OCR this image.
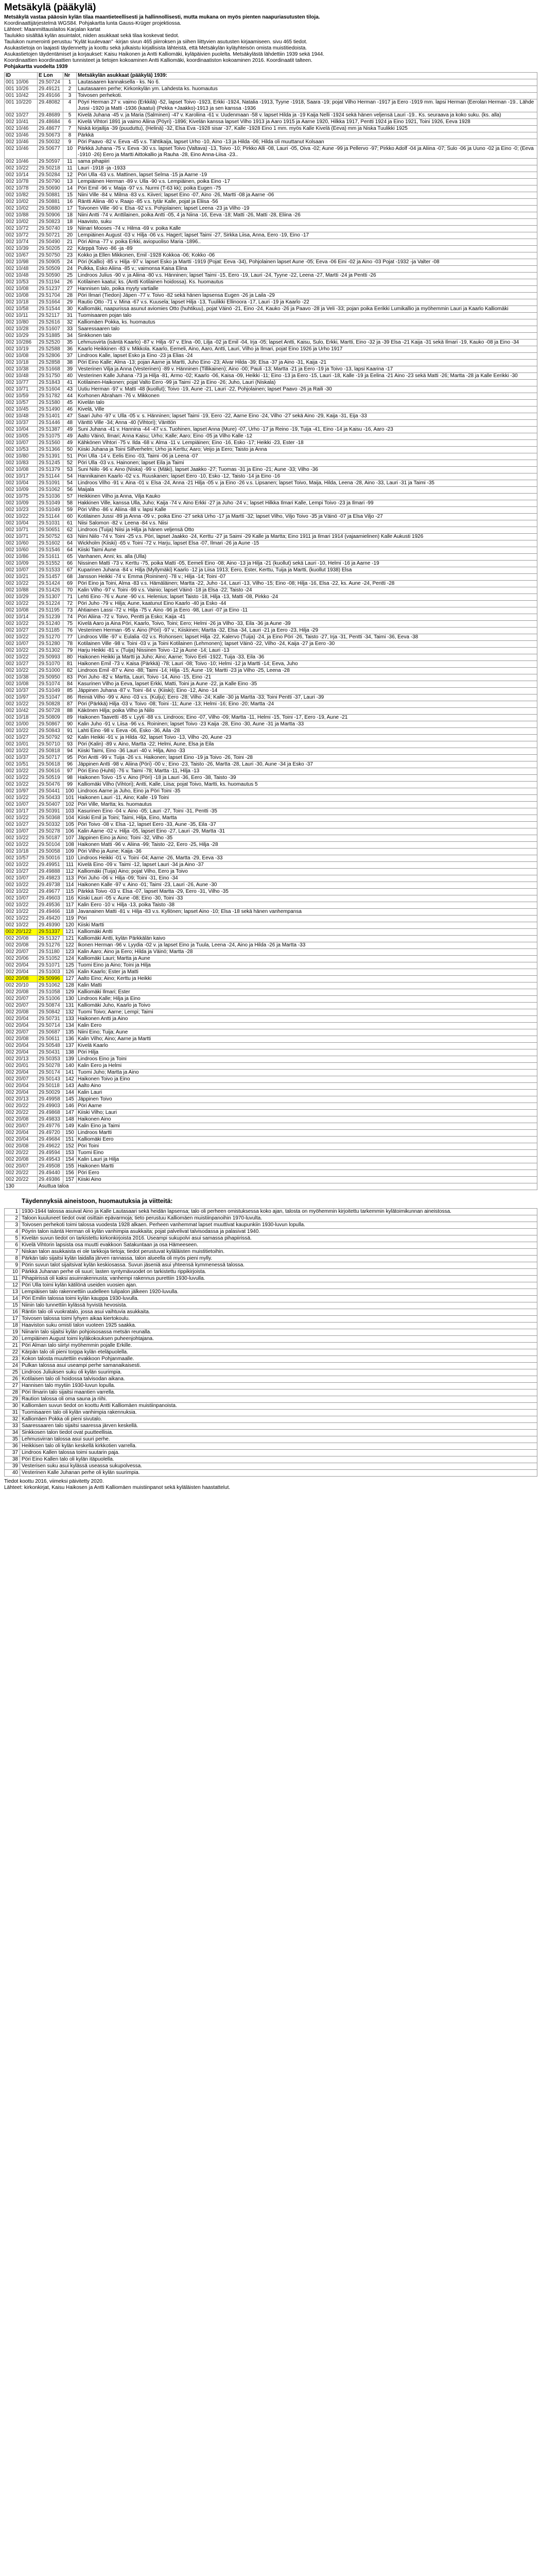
Metsäkylä (pääkylä)

Metsäkylä vastaa pääosin kylän tilaa maantieteellisesti ja hallinnollisesti, mutta mukana on myös pienten naapuriasutusten tiloja.

Koordinaattijärjestelmä WGS84. Pohjakartta lunta Gauss-Krüger projektiossa.

Lähteet: Maanmittauslaitos Karjalan kartat

Taulukko sisältää kylän asuintalot, niiden asukkaat sekä tilaa koskevat tiedot.

Taulukon numerointi perustuu "Kylät kuulevaan" -kirjan sivun 465 piirroksen ja siihen liittyvien asutusten kirjaamiseen. sivu 465 tiedot.

Asukastietoja on laajasti täydennetty ja koottu sekä julkaistu kirjallisista lähteistä, että Metsäkylän kyläyhteisön omista muistitiedoista.

Asukastietojen täydentämiset ja korjaukset: Kaisu Haikonen ja Antti Kalliomäki, kyläpäivien puolelta. Metsäkylästä lähdettiin 1939 sekä 1944.

Koordinaattien koordinaattien tunnisteet ja tietojen kokoaminen Antti Kalliomäki, koordinaatiston kokoaminen 2016. Koordinaatit talteen.

Pohjakartta vuodelta 1939

ID	E Lon	Nr	Metsäkylän asukkaat (pääkylä) 1939:
001 10/06	29.50724	1	Lautasaaren kannaksella - ks. No 6.
001 10/26	29.49121	2	Lautasaaren perhe; Kirkonkylän ym. Lahdesta ks. huomautus
001 10/42	29.49166	3	Toivosen perhekoti.
001 10/220	29.48082	4	Pöyri Herman 27 v. vaimo (Erkkilä) -52, lapset Toivo -1923, Erkki -1924, Natalia -1913, Tyyne -1918, Saara -19; pojat Vilho Herman -1917 ja Eero -1919 mm. lapsi Herman (Eerolan Herman -19.. Lähde Jussi -1920 ja Matti -1936 (kaatui) (Pekka +Jaakko)-1913 ja sen kanssa -1936
002 10/27	29.48689	5	Kivelä Juhana -45 v. ja Maria (Salminen) -47 v. Karoliina -61 v. Uudenmaan -58 v. lapset Hilda ja -19 Kaija Nelli -1924 sekä hänen veljensä Lauri -19.. Ks. seuraava ja koko suku. (ks. alla)
002 10/41	29.48684	6	Kivelä Vihtori 1891 ja vaimo Aliina (Pöyri) -1896; Kivelän kanssa lapset Vilho 1913 ja Aaro 1915 ja Aarne 1920, Hilkka 1917, Pentti 1924 ja Eino 1921, Toini 1926, Eeva 1928
002 10/46	29.48677	7	Niskä kirjailija -39 (puuduttu), (Helinä) -32, Elsa Eva -1928 sisar -37, Kalle -1928 Eino 1 mm. myös Kalle Kivelä (Eeva) mm ja Niska Tuulikki 1925
002 10/46	29.50673	8	Pärkkä
002 10/46	29.50032	9	Pöri Paavo -82 v. Eeva -45 v.s. Tähtikaija, lapset Urho -10, Aino -13 ja Hilda -06; Hilda oli muuttanut Kolsaan
002 10/46	29.50677	10	Pärkkä Juhana -75 v. Eeva -30 v.s. lapset Toivo (Valtava) -13, Toivo -10; Pirkko Alli -08, Lauri -05, Oiva -02; Aune -99 ja Pellervo -97; Pirkko Adolf -04 ja Aliina -07; Sulo -06 ja Uuno -02 ja Eino -0; (Eeva -1910 -26) Eero ja Martti Aittokallio ja Rauha -28, Eino Anna-Liisa -23..
002 10/46	29.50597	11	sama pihapiiri
002 10/22	29.50218	11	Lauri -1918 -ja -1933
002 10/14	29.50284	12	Pöri Ulla -63 v.s. Mattinen, lapset Selma -15 ja Aarne -19
002 10/78	29.50790	13	Lempiäinen Herman -89 v. Ulla -90 v.s. Lempiäinen, poika Eino -17
002 10/78	29.50690	14	Pöri Emil -96 v. Maija -97 v.s. Nurmi (T-63 kk); poika Eugen -75
002 10/82	29.50881	15	Niini Ville -84 v. Milma -83 v.s. Kiiveri; lapset Eino -07, Aino -26, Martti -08 ja Aarne -06
002 10/02	29.50881	16	Räntti Aliina -80 v. Raajo -85 v.s. tytär Kalle, pojat ja Eliisa -56
002 10/02	29.50880	17	Toivonen Ville -90 v. Elsa -92 v.s. Pohjolainen; lapset Leena -23 ja Vilho -19
002 10/88	29.50906	18	Niini Antti -74 v. Anttilainen, poika Antti -05, 4 ja Niina -16, Eeva -18; Matti -26, Matti -28, Eliina -26
002 10/02	29.50823	18	Haavisto, suku
002 10/72	29.50740	19	Niinari Mooses -74 v. Hilma -69 v. poika Kalle
002 10/72	29.50721	20	Lempiäinen August -03 v. Hilja -06 v.s. Hagert; lapset Taimi -27, Sirkka Liisa, Anna, Eero -19, Eino -17
002 10/74	29.50490	21	Pöri Alma -77 v. poika Erkki, aviopuoliso Maria -1896..
002 10/39	29.50205	22	Kärppä Toivo -86 -ja -89
002 10/67	29.50750	23	Kokko ja Ellen Mikkonen, Emil -1928 Kokkoa -06; Kokko -06
002 10/98	29.50905	24	Pöri (Kallio) -85 v. Hilja -97 v. lapset Esko ja Martti -1919 (Pojat: Eeva -34), Pohjolainen lapset Aune -05; Eeva -06 Eini -02 ja Aino -03 Pojat -1932 -ja Valter -08
002 10/48	29.50509	24	Pulkka, Esko Aliina -85 v.; vaimonsa Kaisa Elina
002 10/48	29.50590	25	Lindroos Julius -90 v. ja Aliina -80 v.s. Hänninen; lapset Taimi -15, Eero -19, Lauri -24, Tyyne -22, Leena -27, Martti -24 ja Pentti -26
002 10/53	29.51194	26	Kotilainen kaatui; ks. (Antti Kotilainen hoidossa). Ks. huomautus
002 10/08	29.51237	27	Hannisen talo, poika myyty vartialle
002 10/08	29.51704	28	Pöri Ilmari (Tiedon) Jäpen -77 v. Toivo -82 sekä hänen lapsensa Eugen -26 ja Laila -29
002 10/18	29.51664	29	Rautio Otto -71 v. Mina -67 v.s. Kuusela; lapset Hilja -13, Tuulikki Ellinoora -17, Lauri -19 ja Kaarlo -22
002 10/58	29.51544	30	Kalliomäki, naapurissa asunut aviomies Otto (huhtikuu), pojat Väinö -21, Eino -24, Kauko -26 ja Paavo -28 ja Veli -33; pojan poika Eerikki Lumikallio ja myöhemmin Lauri ja Kaarlo Kalliomäki
002 10/11	29.52117	31	Tuomisaaren pojan talo
002 10/80	29.52616	32	Kalliomäen Pokka, ks. huomautus
002 10/28	29.51607	33	Saaressaaren talo
002 10/29	29.51885	34	Sinkkonen talo
002 10/286	29.52520	35	Lehmusvirta (isäntä Kaarlo) -87 v. Hilja -97 v. Elna -00, Lilja -02 ja Emil -04, Irja -05; lapset Antti, Kaisu, Sulo, Erkki, Martti, Eino -32 ja -39 Elsa -21 Kaija -31 sekä Ilmari -19, Kauko -08 ja Eino -34
002 10/19	29.52588	36	Kaarlo Heikkinen -83 v. Mikkola. Kaarlo, Eemeli, Aino, Aaro, Antti, Lauri, Vilho ja Ilmari, pojat Eino 1926 ja Urho 1917
002 10/08	29.52806	37	Lindroos Kalle, lapset Esko ja Eino -23 ja Elias -24
002 10/18	29.52858	38	Pöri Eino Kalle; Alma -13; pojan Aarne ja Martti, Juho Eino -23; Alvar Hilda -39; Elsa -37 ja Aino -31, Kaija -21
002 10/38	29.51668	39	Vesterinen Vilja ja Anna (Vesterinen) -89 v. Hänninen (Tillikainen); Aino -00; Pauli -13; Martta -21 ja Eero -19 ja Toivo -13, lapsi Kaarina -17
002 10/48	29.51750	40	Vesterinen Kalle Juhana -73 ja Hilja -81, Armo -02; Kaarlo -06, Kaisa -09, Heikki -11; Eino -13 ja Eero -15, Lauri -18, Kalle -19 ja Eelina -21 Aino -23 sekä Matti -26; Martta -28 ja Kalle Eerikki -30
002 10/77	29.51843	41	Kotilainen-Haikonen; pojat Valto Eero -99 ja Taimi -22 ja Eino -26; Juho, Lauri (Niskala)
002 10/71	29.51604	43	Uutiu Herman -97 v. Matti -48 (kuollut); Toivo -19, Aune -21, Lauri -22, Pohjolainen; lapset Paavo -26 ja Raili -30
002 10/59	29.51782	44	Korhonen Abraham -76 v. Mikkonen
002 10/57	29.51580	45	Kivelän talo
002 10/45	29.51490	46	Kivelä, Ville
002 10/48	29.51401	47	Saari Juho -97 v. Ulla -05 v. s. Hänninen; lapset Taimi -19, Eero -22, Aarne Eino -24, Vilho -27 sekä Aino -29, Kaija -31, Eija -33
002 10/37	29.51446	48	Vänttö Ville -34; Anna -40 (Vihtori); Vänttön
002 10/04	29.51387	49	Suni Juhana -41 v. Hannina -44 -47 v.s. Tuohinen, lapset Anna (Mure) -07, Urho -17 ja Reino -19, Tuija -41, Eino -14 ja Kaisu -16, Aaro -23
002 10/05	29.51075	49	Aalto Väinö, Ilmari; Anna Kaisu; Urho; Kalle; Aaro; Eino -05 ja Vilho Kalle -12
002 10/07	29.51560	49	Kähkönen Vihtori -75 v. Ilda -68 v. Alma -11 v. Lempiäinen; Eino -16, Esko -17; Heikki -23, Ester -18
002 10/53	29.51366	50	Kiiski Juhana ja Toini Silfverhelm; Urho ja Kerttu; Aaro; Veijo ja Eero; Taisto ja Anna
002 10/80	29.51391	51	Pöri Ulla -14 v. Eelis Eino -03, Taimi -06 ja Leena -07
002 10/83	29.51245	52	Pöri Ulla -03 v.s. Hainonen; lapset Eila ja Taimi
002 10/08	29.51379	53	Suni Niilo -96 v. Aino (Niska) -99 v. (Mäki), lapset Jaakko -27; Tuomas -31 ja Eino -21; Aune -33; Vilho -36
002 10/17	29.51144	54	Hannikainen Kaarlo -02 v.s. Ruuskanen; lapset Eero -10, Esko -12, Taisto -14 ja Eino -16
002 10/04	29.51091	54	Lindroos Vilho -91 v. Aina -01 v. Elsa -24, Anna -21 Hilja -05 v. ja Eino -26 v.s. Lipsanen; lapset Toivo, Maija, Hilda, Leena -28, Aino -33, Lauri -31 ja Taimi -35
002 10/09	29.51062	56	Maijala
002 10/75	29.51036	57	Heikkinen Vilho ja Anna, Vilja Kauko
002 10/09	29.51049	58	Hakkinen Ville, kanssa Ulla, Juho; Kaija -74 v. Aino Erkki -27 ja Juho -24 v.; lapset Hilkka Ilmari Kalle, Lempi Toivo -23 ja Ilmari -99
002 10/23	29.51049	59	Pöri Vilho -86 v. Aliina -88 v. lapsi Kalle
002 10/22	29.51144	60	Kotilainen Jussi -89 ja Anna -09 v.; poika Eino -27 sekä Urho -17 ja Martti -32; lapset Vilho, Viljo Toivo -35 ja Väinö -07 ja Elsa Viljo -27
002 10/04	29.51031	61	Niisi Salomon -82 v. Leena -84 v.s. Niisi
002 10/71	29.50651	62	Lindroos (Tuija) Niisi ja Hilja ja hänen veljensä Otto
002 10/71	29.50752	63	Niini Niilo -74 v. Toini -25 v.s. Pöri, lapset Jaakko -24, Kerttu -27 ja Saimi -29 Kalle ja Martta; Eino 1911 ja Ilmari 1914 (vajaamielinen) Kalle Aukusti 1926
002 10/60	29.51602	64	Wickholm (Kiiski) -65 v. Toini -72 v. Harju, lapset Elsa -07, Ilmari -26 ja Aune -15
002 10/60	29.51546	64	Kiiski Taimi Aune
002 10/86	29.51611	65	Vanhanen, Anni; ks. alla (Ulla)
002 10/09	29.51552	66	Nissinen Matti -73 v. Kerttu -75, poika Matti -05, Eemeli Eino -08; Aino -13 ja Hilja -21 (kuollut) sekä Lauri -10, Helmi -16 ja Aarne -19
002 10/07	29.51533	67	Kuparinen Juhana -84 v. Hilja (Myllymäki) Kaarlo -12 ja Liisa 1913; Eero, Ester, Kerttu, Tuija ja Martti, (kuollut 1938) Elsa
002 10/21	29.51457	68	Jansson Heikki -74 v. Emma (Roininen) -78 v.; Hilja -14; Toini -07
002 10/22	29.51424	69	Pöri Eino ja Toini, Alma -83 v.s. Hämäläinen; Martta -22, Juho -14, Lauri -13, Vilho -15; Eino -08; Hilja -16, Elsa -22, ks. Aune -24, Pentti -28
002 10/88	29.51426	70	Kalin Vilho -97 v. Toini -99 v.s. Vainio; lapset Väinö -18 ja Elsa -22; Taisto -24
002 10/29	29.51307	71	Lehti Eino -76 v. Aune -90 v.s. Helenius; lapset Taisto -18, Hilja -13, Matti -08, Pirkko -24
002 10/22	29.51224	72	Pöri Juho -79 v. Hilja; Aune, kaatunut Eino Kaarlo -40 ja Esko -44
002 10/08	29.51195	73	Ahtiainen Lassi -72 v. Hilja -75 v. Aino -96 ja Eero -98, Lauri -07 ja Eino -11
002 10/14	29.51239	74	Pöri Aliina -72 v. Toivo, Pentti ja Esko; Kaija -41
002 10/22	29.51240	75	Kivelä Aaro ja Aina Pöri, Kaarlo, Toivo, Toini; Eero; Helmi -26 ja Vilho -33, Eila -36 ja Aune -39
002 10/27	29.51185	76	Vesterinen Herman -95 v. Aino (Pöri) -97 v.; Kiiskinen; Martta -32, Elsa -34, Lauri -21 ja Eero -23, Hilja -29
002 10/22	29.51270	77	Lindroos Ville -97 v. Eulalia -02 v.s. Rohonsen; lapset Hilja -22, Kalervo (Tuija) -24, ja Eino Pöri -26, Taisto -27, Irja -31, Pentti -34, Taimi -36, Eeva -38
002 10/07	29.51280	78	Kotilainen Ville -98 v. Toini -03 v. ja Toini Kotilainen (Lehmonen); lapset Väinö -22, Vilho -24, Kaija -27 ja Eero -30
002 10/22	29.51302	79	Harju Heikki -81 v. (Tuija) Nissinen Toivo -12 ja Aune -14; Lauri -13
002 10/22	29.50993	80	Haikonen Heikki ja Martti ja Juho; Aino; Aarne; Toivo Eeli -1922, Tuija -33, Eila -36
002 10/27	29.51070	81	Haikonen Emil -73 v. Kaisa (Pärkkä) -78; Lauri -08; Toivo -10; Helmi -12 ja Martti -14; Eeva, Juho
002 10/22	29.51000	82	Lindroos Emil -87 v. Aino -88; Taimi -14; Hilja -15; Aune -19; Martti -23 ja Vilho -25, Leena -28
002 10/38	29.50950	83	Pöri Juho -82 v. Martta, Lauri, Toivo -14, Aino -15, Eino -21
002 10/08	29.51074	84	Kasurinen Vilho ja Eeva, lapset Erkki, Matti, Toini ja Aune -22, ja Kalle Eino -35
002 10/37	29.51049	85	Jäppinen Juhana -87 v. Toini -84 v. (Kiiski); Eino -12, Aino -14
002 10/97	29.51047	86	Reiniä Vilho -99 v. Aino -03 v.s. (Kulju); Eero -28; Vilho -24; Kalle -30 ja Martta -33; Toini Pentti -37, Lauri -39
002 10/22	29.50828	87	Pöri (Pärkkä) Hilja -03 v. Toivo -08; Toini -11; Aune -13; Helmi -16; Eino -20; Martta -24
002 10/42	29.50728	88	Käkönen Hilja; poika Vilho ja Niilo
002 10/18	29.50809	89	Haikonen Taavetti -85 v. Lyyti -88 v.s. Lindroos; Eino -07, Vilho -09; Martta -11, Helmi -15, Toini -17, Eero -19, Aune -21
002 10/00	29.50867	90	Kalin Juho -91 v. Liisa -96 v.s. Roininen; lapset Toivo -23 Kaija -28, Eino -30, Aune -31 ja Martta -33
002 10/22	29.50843	91	Lahti Eino -98 v. Eeva -06, Esko -36, Aila -28
002 10/27	29.50792	92	Kalin Heikki -91 v. ja Hilda -92, lapset Toivo -13, Vilho -20, Aune -23
002 10/01	29.50710	93	Pöri (Kalin) -89 v. Aino, Martta -22; Helmi, Aune, Elsa ja Eila
002 10/22	29.50818	94	Kiiski Taimi, Eino -36 Lauri -40 v. Hilja, Aino -33
002 10/37	29.50717	95	Pöri Antti -99 v. Tuija -26 v.s. Haikonen; lapset Eino -19 ja Toivo -26, Toini -28
002 10/51	29.50618	96	Jäppinen Antti -98 v. Aliina (Pöri) -00 v.; Eino -23, Taisto -26, Martta -28, Lauri -30, Aune -34 ja Esko -37
002 10/22	29.50616	97	Pöri Eino (Huhti) -76 v. Taimi -78; Martta -11, Hilja -13
002 10/22	29.50519	98	Haikonen Toivo -15 v. Aino (Pöri) -18 ja Lauri -36, Eero -38, Taisto -39
002 10/22	29.50476	99	Kalliomäki Vilho (Vihtori); Antti, Kalle, Liisa; pojat Toivo, Martti, ks. huomautus 5
002 10/97	29.50441	100	Lindroos Aarne ja Juho, Eino ja Pöri Toini -35
002 10/22	29.50433	101	Haikonen Lauri -11, Aino; Kalle -19 Toini
002 10/07	29.50407	102	Pöri Ville, Martta; ks. huomautus
002 10/17	29.50391	103	Kasurinen Eino -04 v. Aino -05; Lauri -27, Toini -31, Pentti -35
002 10/22	29.50368	104	Kiiski Emil ja Toini; Taimi, Hilja, Eino, Martta
002 10/27	29.50332	105	Pöri Toivo -08 v. Elsa -12, lapset Eero -33, Aune -35, Eila -37
002 10/07	29.50278	106	Kalin Aarne -02 v. Hilja -05, lapset Eino -27, Lauri -29, Martta -31
002 10/22	29.50187	107	Jäppinen Eino ja Aino; Toini -32, Vilho -35
002 10/22	29.50104	108	Haikonen Matti -96 v. Aliina -99; Taisto -22, Eero -25, Hilja -28
002 10/18	29.50058	109	Pöri Vilho ja Aune; Kaija -36
002 10/57	29.50016	110	Lindroos Heikki -01 v. Toini -04; Aarne -26, Martta -29, Eeva -33
002 10/22	29.49951	111	Kivelä Eino -09 v. Taimi -12, lapset Lauri -34 ja Aino -37
002 10/27	29.49888	112	Kalliomäki (Tuija) Aino; pojat Vilho, Eero ja Toivo
002 10/07	29.49823	113	Pöri Juho -06 v. Hilja -09; Toini -31, Eino -34
002 10/22	29.49738	114	Haikonen Kalle -97 v. Aino -01; Taimi -23, Lauri -26, Aune -30
002 10/22	29.49677	115	Pärkkä Toivo -03 v. Elsa -07, lapset Martta -29, Eero -31, Vilho -35
002 10/07	29.49603	116	Kiiski Lauri -05 v. Aune -08; Eino -30, Toini -33
002 10/22	29.49536	117	Kalin Eero -10 v. Hilja -13, poika Taisto -38
002 10/22	29.49466	118	Javanainen Matti -81 v. Hilja -83 v.s. Kyllönen; lapset Aino -10; Elsa -18 sekä hänen vanhempansa
002 10/22	29.49420	119	Pöri
002 10/22	29.49390	120	Kiiski Martti
002 20/122	29.51337	121	Kalliomäki Antti
002 20/08	29.51327	121	Kalliomäki Antti, kylän Pärkkälän kaivo
002 20/08	29.51276	122	Ikonen Herman -96 v. Lyydia -02 v. ja lapset Eino ja Tuula, Leena -24, Aino ja Hilda -26 ja Martta -33
002 20/07	29.51180	123	Kalin Aaro; Aino ja Eero; Hilda ja Väinö; Martta -28
002 20/06	29.51052	124	Kalliomäki Lauri; Martta ja Aune
002 20/04	29.51071	125	Tuomi Eino ja Aino; Toini ja Hilja
002 20/04	29.51003	126	Kalin Kaarlo; Ester ja Matti
002 20/08	29.50996	127	Aalto Eino; Aino; Kerttu ja Heikki
002 20/10	29.51062	128	Kalin Matti
002 20/08	29.51058	129	Kalliomäki Ilmari; Ester
002 20/07	29.51006	130	Lindroos Kalle; Hilja ja Eino
002 20/07	29.50874	131	Kalliomäki Juho, Kaarlo ja Toivo
002 20/08	29.50842	132	Tuomi Toivo; Aarne; Lempi; Taimi
002 20/04	29.50731	133	Haikonen Antti ja Aino
002 20/04	29.50714	134	Kalin Eero
002 20/07	29.50687	135	Niini Eino; Tuija; Aune
002 20/08	29.50611	136	Kalin Vilho; Aino; Aarne ja Martti
002 20/04	29.50548	137	Kivelä Kaarlo
002 20/04	29.50431	138	Pöri Hilja
002 20/13	29.50353	139	Lindroos Eino ja Toini
002 20/01	29.50278	140	Kalin Eero ja Helmi
002 20/04	29.50174	141	Tuomi Juho; Martta ja Aino
002 20/07	29.50143	142	Haikonen Toivo ja Eino
002 20/04	29.50118	143	Aalto Aino
002 20/04	29.50029	144	Kalin Lauri
002 20/13	29.49958	145	Jäppinen Toivo
002 20/22	29.49903	146	Pöri Aarne
002 20/22	29.49868	147	Kiiski Vilho; Lauri
002 20/08	29.49833	148	Haikonen Aino
002 20/07	29.49776	149	Kalin Eino ja Taimi
002 20/04	29.49720	150	Lindroos Martti
002 20/04	29.49684	151	Kalliomäki Eero
002 20/08	29.49622	152	Pöri Toini
002 20/22	29.49594	153	Tuomi Eino
002 20/08	29.49543	154	Kalin Lauri ja Hilja
002 20/07	29.49508	155	Haikonen Martti
002 20/22	29.49440	156	Pöri Eero
002 20/22	29.49386	157	Kiiski Aino
130	Asuttua taloa		
Täydennyksiä aineistoon, huomautuksia ja viitteitä:
1	1930-1944 talossa asuivat Aino ja Kalle Lautasaari sekä heidän lapsensa; talo oli perheen omistuksessa koko ajan, talosta on myöhemmin kirjoitettu tarkemmin kylätoimikunnan aineistossa.
2	Taloon kuuluneet tiedot ovat osittain epävarmoja; tieto perustuu Kalliomäen muistiinpanoihin 1970-luvulta.
3	Toivosen perhekoti toimi talossa vuodesta 1928 alkaen. Perheen vanhemmat lapset muuttivat kaupunkiin 1930-luvun lopulla.
4	Pöyrin talon isäntä Herman oli kylän vanhimpia asukkaita; pojat palvelivat talvisodassa ja palasivat 1940.
5	Kivelän suvun tiedot on tarkistettu kirkonkirjoista 2016. Useampi sukupolvi asui samassa pihapiirissä.
6	Kivelä Vihtorin lapsista osa muutti evakkoon Satakuntaan ja osa Hämeeseen.
7	Niskan talon asukkaista ei ole tarkkoja tietoja; tiedot perustuvat kyläläisten muistitietoihin.
8	Pärkän talo sijaitsi kylän laidalla järven rannassa, talon alueella oli myös pieni mylly.
9	Pörin suvun talot sijaitsivat kylän keskiosassa. Suvun jäseniä asui yhteensä kymmenessä talossa.
10	Pärkkä Juhanan perhe oli suuri; lasten syntymävuodet on tarkistettu rippikirjoista.
11	Pihapiirissä oli kaksi asuinrakennusta; vanhempi rakennus purettiin 1930-luvulla.
12	Pöri Ulla toimi kylän kätilönä useiden vuosien ajan.
13	Lempiäisen talo rakennettiin uudelleen tulipalon jälkeen 1920-luvulla.
14	Pöri Emilin talossa toimi kylän kauppa 1930-luvulla.
15	Niinin talo tunnettiin kylässä hyvistä hevosista.
16	Räntin talo oli vuokratalo, jossa asui vaihtuvia asukkaita.
17	Toivosen talossa toimi lyhyen aikaa kiertokoulu.
18	Haaviston suku omisti talon vuoteen 1925 saakka.
19	Niinarin talo sijaitsi kylän pohjoisosassa metsän reunalla.
20	Lempiäinen August toimi kyläkokouksen puheenjohtajana.
21	Pöri Alman talo siirtyi myöhemmin pojalle Erkille.
22	Kärpän talo oli pieni torppa kylän eteläpuolella.
23	Kokon talosta muutettiin evakkoon Pohjanmaalle.
24	Pulkan talossa asui useampi perhe samanaikaisesti.
25	Lindroos Juliuksen suku oli kylän suurimpia.
26	Kotilaisen talo oli hoidossa talvisodan aikana.
27	Hannisen talo myytiin 1930-luvun lopulla.
28	Pöri Ilmarin talo sijaitsi maantien varrella.
29	Raution talossa oli oma sauna ja riihi.
30	Kalliomäen suvun tiedot on koottu Antti Kalliomäen muistiinpanoista.
31	Tuomisaaren talo oli kylän vanhimpia rakennuksia.
32	Kalliomäen Pokka oli pieni sivutalo.
33	Saaressaaren talo sijaitsi saaressa järven keskellä.
34	Sinkkosen talon tiedot ovat puutteellisia.
35	Lehmusvirran talossa asui suuri perhe.
36	Heikkisen talo oli kylän keskellä kirkkotien varrella.
37	Lindroos Kallen talossa toimi suutarin paja.
38	Pöri Eino Kallen talo oli kylän itäpuolella.
39	Vesterisen suku asui kylässä useassa sukupolvessa.
40	Vesterinen Kalle Juhanan perhe oli kylän suurimpia.

Tiedot koottu 2016, viimeksi päivitetty 2020.

Lähteet: kirkonkirjat, Kaisu Haikosen ja Antti Kalliomäen muistiinpanot sekä kyläläisten haastattelut.
